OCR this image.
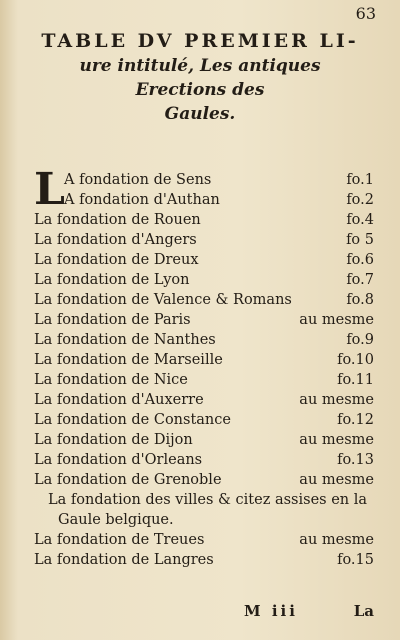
63
TABLE DV PREMIER LI-
ure intitulé, Les antiques
Erections des
Gaules.
L A fondation de Sens	fo.1
A fondation d'Authan	fo.2
La fondation de Rouen	fo.4
La fondation d'Angers	fo 5
La fondation de Dreux	fo.6
La fondation de Lyon	fo.7
La fondation de Valence & Romans	fo.8
La fondation de Paris	au mesme
La fondation de Nanthes	fo.9
La fondation de Marseille	fo.10
La fondation de Nice	fo.11
La fondation d'Auxerre	au mesme
La fondation de Constance	fo.12
La fondation de Dijon	au mesme
La fondation d'Orleans	fo.13
La fondation de Grenoble	au mesme
La fondation des villes & citez assises en la
Gaule belgique.
La fondation de Treues	au mesme
La fondation de Langres	fo.15
M iii	La
